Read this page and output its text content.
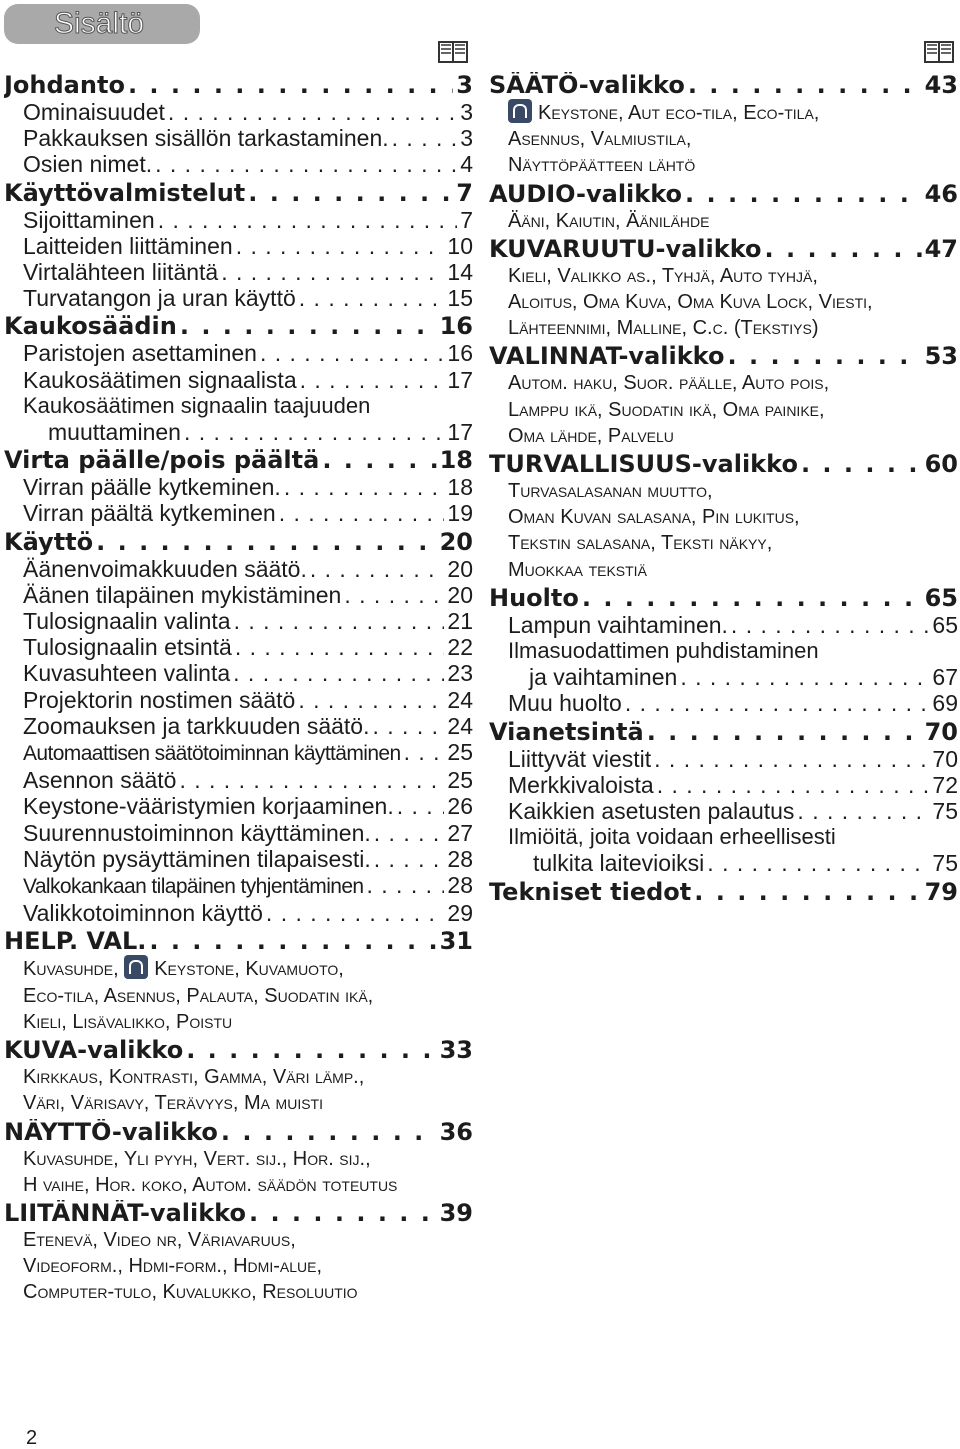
Sisältö
Johdanto . . .	3
Ominaisuudet . . .	3
Pakkauksen sisällön tarkastaminen. . . .	3
Osien nimet. . . .	4
Käyttövalmistelut . . .	7
Sijoittaminen . . .	7
Laitteiden liittäminen . . .	10
Virtalähteen liitäntä . . .	14
Turvatangon ja uran käyttö . . .	15
Kaukosäädin . . .	16
Paristojen asettaminen . . .	16
Kaukosäätimen signaalista . . .	17
Kaukosäätimen signaalin taajuuden
muuttaminen . . .	17
Virta päälle/pois päältä . . .	18
Virran päälle kytkeminen. . . .	18
Virran päältä kytkeminen . . .	19
Käyttö . . .	20
Äänenvoimakkuuden säätö. . . .	20
Äänen tilapäinen mykistäminen . . .	20
Tulosignaalin valinta . . .	21
Tulosignaalin etsintä . . .	22
Kuvasuhteen valinta . . .	23
Projektorin nostimen säätö . . .	24
Zoomauksen ja tarkkuuden säätö. . . .	24
Automaattisen säätötoiminnan käyttäminen . . . 25
Asennon säätö . . .	25
Keystone-vääristymien korjaaminen. . . . 26
Suurennustoiminnon käyttäminen. . . .	27
Näytön pysäyttäminen tilapaisesti. . . .	28
Valkokankaan tilapäinen tyhjentäminen . . .	28
Valikkotoiminnon käyttö . . .	29
HELP. VAL. . . .	31
Kuvasuhde, Keystone, Kuvamuoto,
Eco-tila, Asennus, Palauta, Suodatin ikä,
Kieli, Lisävalikko, Poistu
KUVA-valikko . . .	33
Kirkkaus, Kontrasti, Gamma, Väri lämp.,
Väri, Värisavy, Terävyys, Ma muisti
NÄYTTÖ-valikko . . .	36
Kuvasuhde, Yli pyyh, Vert. sij., Hor. sij.,
H vaihe, Hor. koko, Autom. säädön toteutus
LIITÄNNÄT-valikko . . .	39
Etenevä, Video nr, Väriavaruus,
Videoform., Hdmi-form., Hdmi-alue,
Computer-tulo, Kuvalukko, Resoluutio
SÄÄTÖ-valikko . . .	43
Keystone, Aut eco-tila, Eco-tila,
Asennus, Valmiustila,
Näyttöpäätteen lähtö
AUDIO-valikko . . .	46
Ääni, Kaiutin, Äänilähde
KUVARUUTU-valikko . . .	47
Kieli, Valikko as., Tyhjä, Auto tyhjä,
Aloitus, Oma Kuva, Oma Kuva Lock, Viesti,
Lähteennimi, Malline, C.c. (Tekstiys)
VALINNAT-valikko . . .	53
Autom. haku, Suor. päälle, Auto pois,
Lamppu ikä, Suodatin ikä, Oma painike,
Oma lähde, Palvelu
TURVALLISUUS-valikko . . .	60
Turvasalasanan muutto,
Oman Kuvan salasana, Pin lukitus,
Tekstin salasana, Teksti näkyy,
Muokkaa tekstiä
Huolto . . .	65
Lampun vaihtaminen. . . .	65
Ilmasuodattimen puhdistaminen
ja vaihtaminen . . .	67
Muu huolto . . .	69
Vianetsintä . . .	70
Liittyvät viestit . . .	70
Merkkivaloista . . .	72
Kaikkien asetusten palautus . . .	75
Ilmiöitä, joita voidaan erheellisesti
tulkita laitevioiksi . . .	75
Tekniset tiedot . . .	79
2
